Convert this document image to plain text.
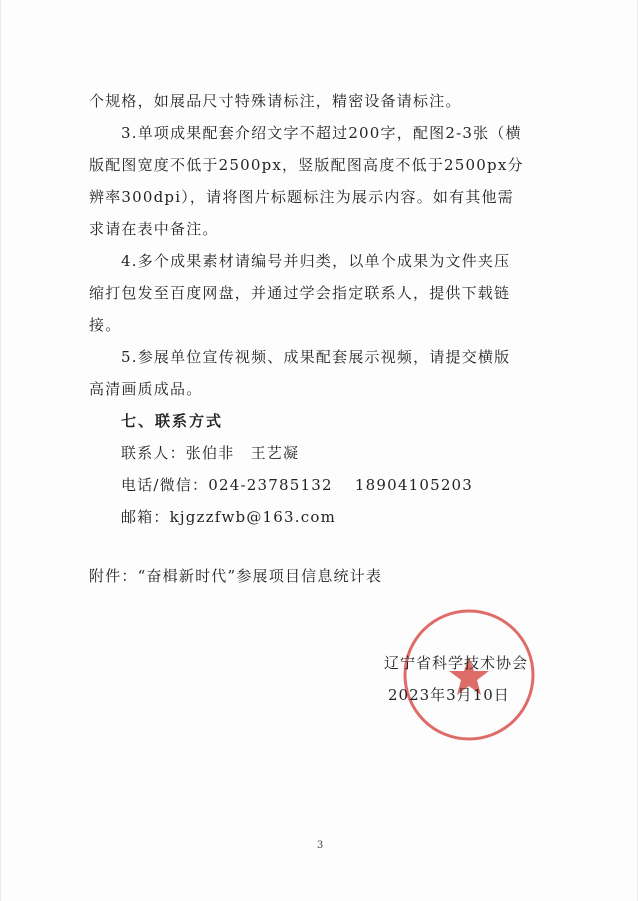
个规格，如展品尺寸特殊请标注，精密设备请标注。
3.单项成果配套介绍文字不超过200字，配图2-3张（横
版配图宽度不低于2500px，竖版配图高度不低于2500px分
辨率300dpi），请将图片标题标注为展示内容。如有其他需
求请在表中备注。
4.多个成果素材请编号并归类，以单个成果为文件夹压
缩打包发至百度网盘，并通过学会指定联系人，提供下载链
接。
5.参展单位宣传视频、成果配套展示视频，请提交横版
高清画质成品。
七、联系方式
联系人：张伯非　王艺凝
电话/微信：024-23785132　 18904105203
邮箱：kjgzzfwb@163.com
附件：“奋楫新时代”参展项目信息统计表
辽宁省科学技术协会
2023年3月10日
3
